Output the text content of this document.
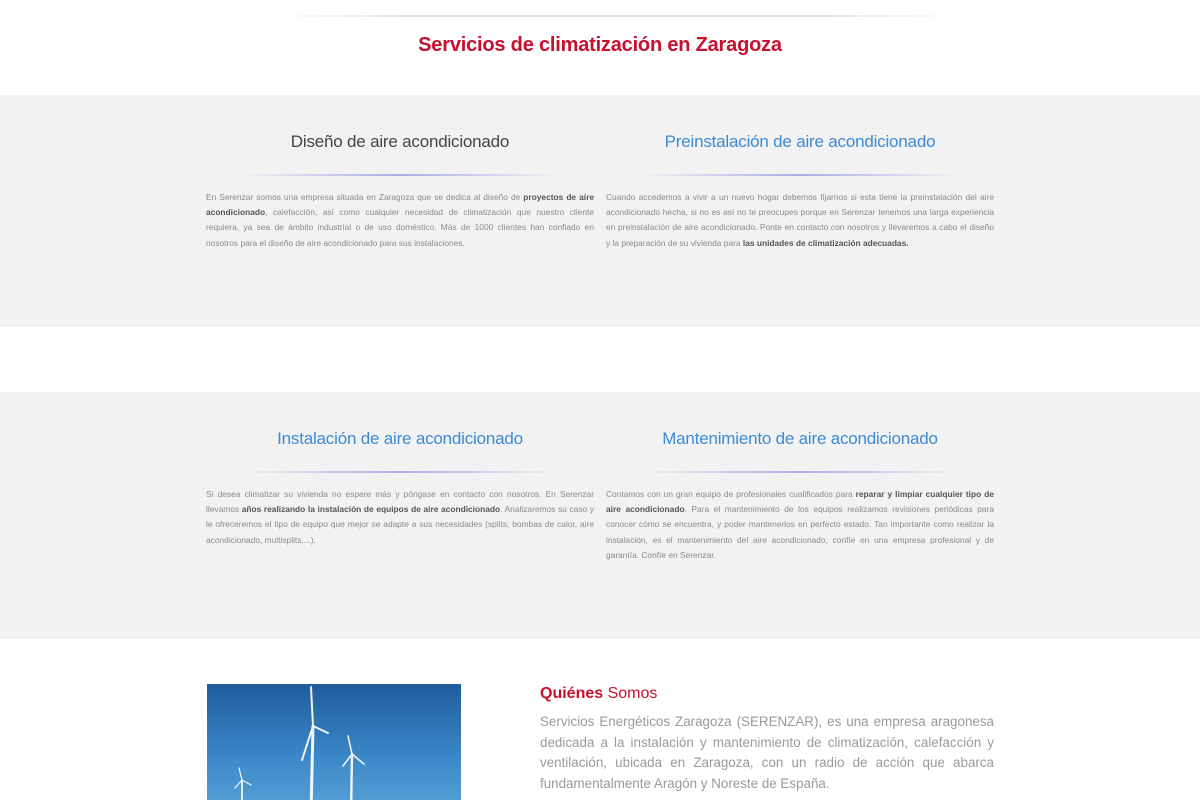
Servicios de climatización en Zaragoza
Diseño de aire acondicionado

En Serenzar somos una empresa situada en Zaragoza que se dedica al diseño de proyectos de aire acondicionado, calefacción, así como cualquier necesidad de climatización que nuestro cliente requiera, ya sea de ámbito industrial o de uso doméstico. Más de 1000 clientes han confiado en nosotros para el diseño de aire acondicionado para sus instalaciones.

Preinstalación de aire acondicionado

Cuando accedemos a vivir a un nuevo hogar debemos fijarnos si esta tiene la preinstalación del aire acondicionado hecha, si no es así no te preocupes porque en Serenzar tenemos una larga experiencia en preinstalación de aire acondicionado. Ponte en contacto con nosotros y llevaremos a cabo el diseño y la preparación de su vivienda para las unidades de climatización adecuadas.

Instalación de aire acondicionado

Si desea climatizar su vivienda no espere más y póngase en contacto con nosotros. En Serenzar llevamos años realizando la instalación de equipos de aire acondicionado. Analizaremos su caso y le ofreceremos el tipo de equipo que mejor se adapte a sus necesidades (splits, bombas de calor, aire acondicionado, multisplits,...).

Mantenimiento de aire acondicionado

Contamos con un gran equipo de profesionales cualificados para reparar y limpiar cualquier tipo de aire acondicionado. Para el mantenimiento de los equipos realizamos revisiones periódicas para conocer cómo se encuentra, y poder mantenerlos en perfecto estado. Tan importante como realizar la instalación, es el mantenimiento del aire acondicionado, confíe en una empresa profesional y de garantía. Confíe en Serenzar.

Quiénes Somos

Servicios Energéticos Zaragoza (SERENZAR), es una empresa aragonesa dedicada a la instalación y mantenimiento de climatización, calefacción y ventilación, ubicada en Zaragoza, con un radio de acción que abarca fundamentalmente Aragón y Noreste de España.
